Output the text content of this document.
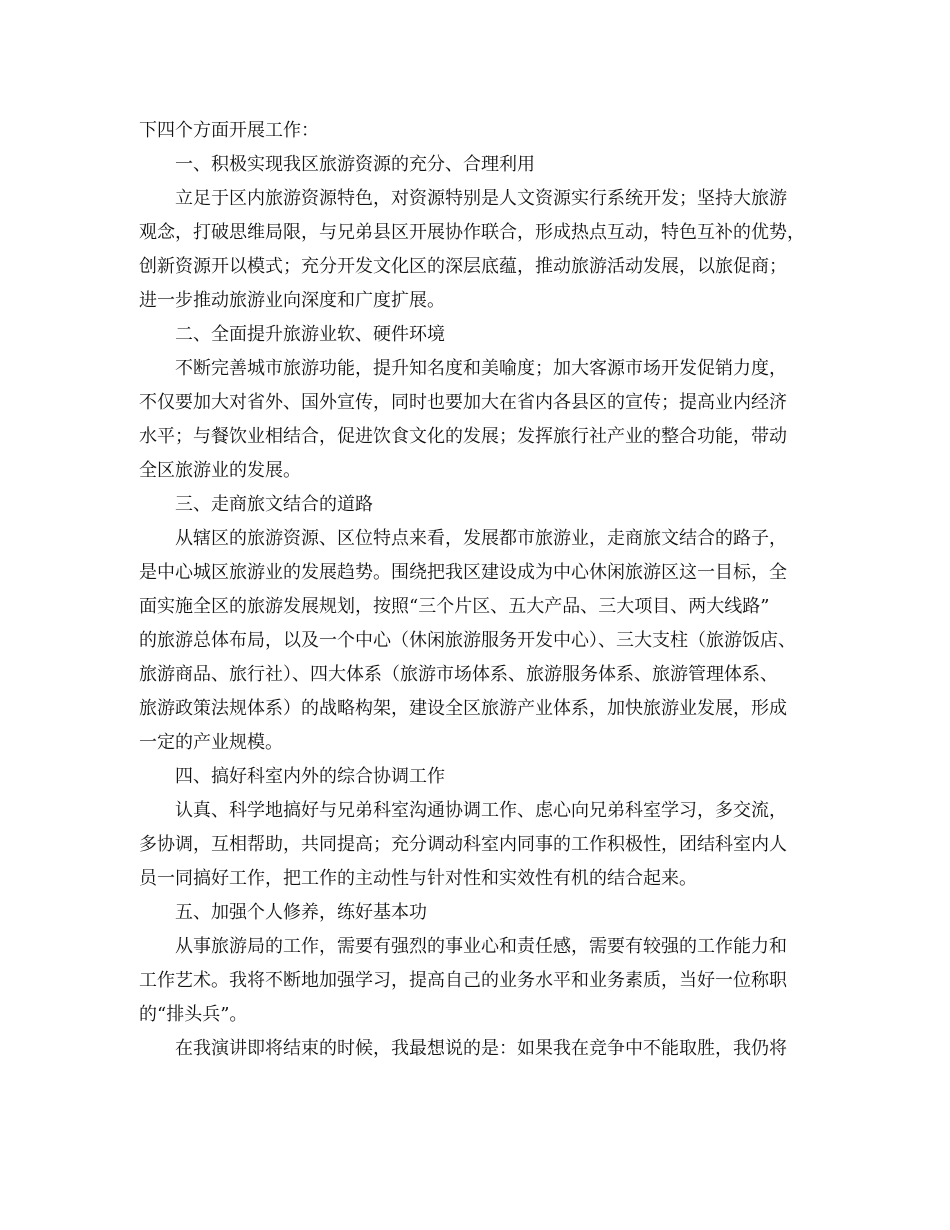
下四个方面开展工作：
一、积极实现我区旅游资源的充分、合理利用
立足于区内旅游资源特色，对资源特别是人文资源实行系统开发；坚持大旅游
观念，打破思维局限，与兄弟县区开展协作联合，形成热点互动，特色互补的优势，
创新资源开以模式；充分开发文化区的深层底蕴，推动旅游活动发展，以旅促商；
进一步推动旅游业向深度和广度扩展。
二、全面提升旅游业软、硬件环境
不断完善城市旅游功能，提升知名度和美喻度；加大客源市场开发促销力度，
不仅要加大对省外、国外宣传，同时也要加大在省内各县区的宣传；提高业内经济
水平；与餐饮业相结合，促进饮食文化的发展；发挥旅行社产业的整合功能，带动
全区旅游业的发展。
三、走商旅文结合的道路
从辖区的旅游资源、区位特点来看，发展都市旅游业，走商旅文结合的路子，
是中心城区旅游业的发展趋势。围绕把我区建设成为中心休闲旅游区这一目标，全
面实施全区的旅游发展规划，按照“三个片区、五大产品、三大项目、两大线路”
的旅游总体布局，以及一个中心（休闲旅游服务开发中心）、三大支柱（旅游饭店、
旅游商品、旅行社）、四大体系（旅游市场体系、旅游服务体系、旅游管理体系、
旅游政策法规体系）的战略构架，建设全区旅游产业体系，加快旅游业发展，形成
一定的产业规模。
四、搞好科室内外的综合协调工作
认真、科学地搞好与兄弟科室沟通协调工作、虑心向兄弟科室学习，多交流，
多协调，互相帮助，共同提高；充分调动科室内同事的工作积极性，团结科室内人
员一同搞好工作，把工作的主动性与针对性和实效性有机的结合起来。
五、加强个人修养，练好基本功
从事旅游局的工作，需要有强烈的事业心和责任感，需要有较强的工作能力和
工作艺术。我将不断地加强学习，提高自己的业务水平和业务素质，当好一位称职
的“排头兵”。
在我演讲即将结束的时候，我最想说的是：如果我在竞争中不能取胜，我仍将
